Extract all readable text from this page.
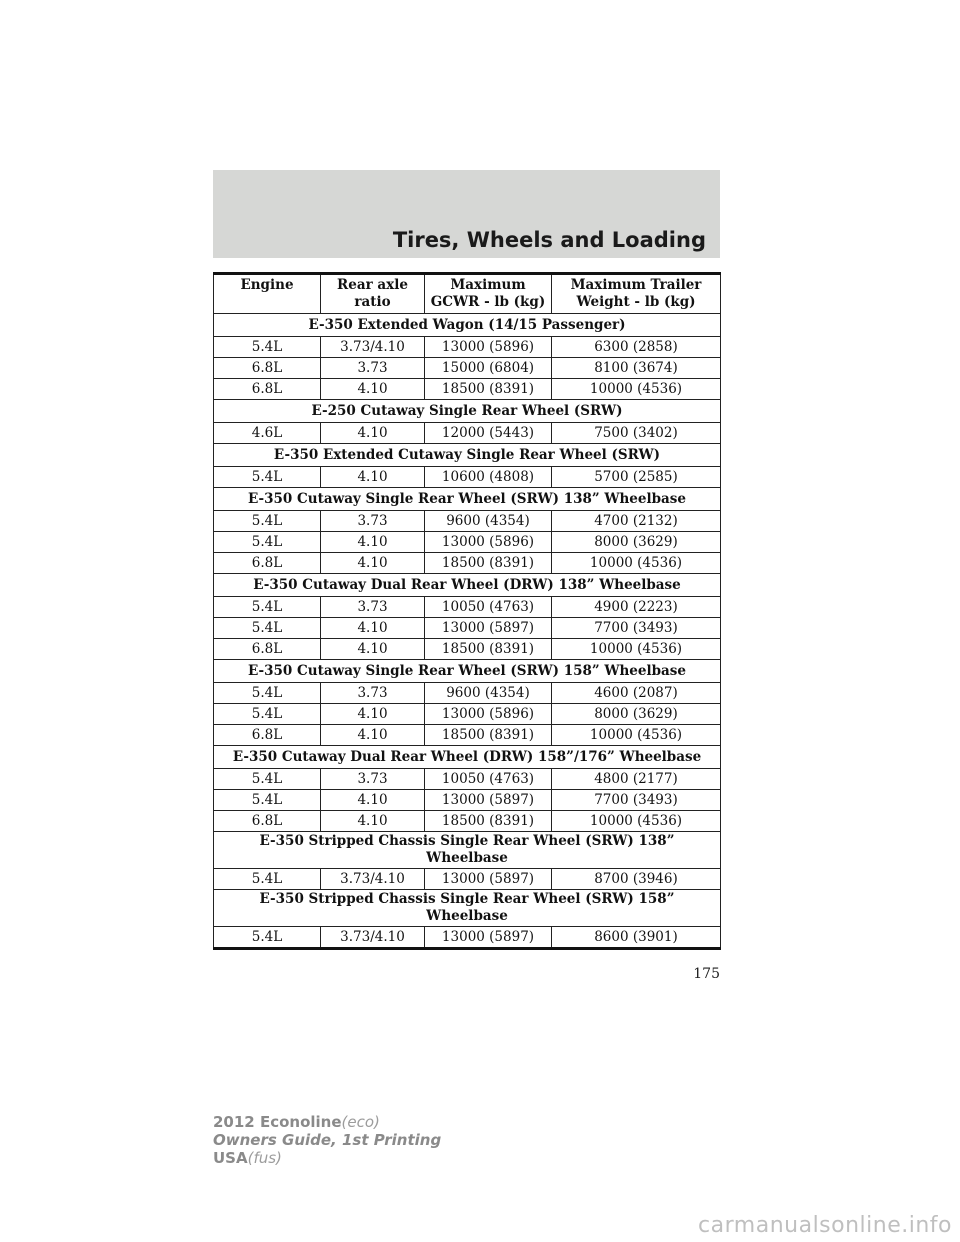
Tires, Wheels and Loading
Engine	Rear axle ratio	Maximum GCWR - lb (kg)	Maximum Trailer Weight - lb (kg)
E-350 Extended Wagon (14/15 Passenger)			
5.4L	3.73/4.10	13000 (5896)	6300 (2858)
6.8L	3.73	15000 (6804)	8100 (3674)
6.8L	4.10	18500 (8391)	10000 (4536)
E-250 Cutaway Single Rear Wheel (SRW)			
4.6L	4.10	12000 (5443)	7500 (3402)
E-350 Extended Cutaway Single Rear Wheel (SRW)			
5.4L	4.10	10600 (4808)	5700 (2585)
E-350 Cutaway Single Rear Wheel (SRW) 138” Wheelbase			
5.4L	3.73	9600 (4354)	4700 (2132)
5.4L	4.10	13000 (5896)	8000 (3629)
6.8L	4.10	18500 (8391)	10000 (4536)
E-350 Cutaway Dual Rear Wheel (DRW) 138” Wheelbase			
5.4L	3.73	10050 (4763)	4900 (2223)
5.4L	4.10	13000 (5897)	7700 (3493)
6.8L	4.10	18500 (8391)	10000 (4536)
E-350 Cutaway Single Rear Wheel (SRW) 158” Wheelbase			
5.4L	3.73	9600 (4354)	4600 (2087)
5.4L	4.10	13000 (5896)	8000 (3629)
6.8L	4.10	18500 (8391)	10000 (4536)
E-350 Cutaway Dual Rear Wheel (DRW) 158”/176” Wheelbase			
5.4L	3.73	10050 (4763)	4800 (2177)
5.4L	4.10	13000 (5897)	7700 (3493)
6.8L	4.10	18500 (8391)	10000 (4536)
E-350 Stripped Chassis Single Rear Wheel (SRW) 138” Wheelbase			
5.4L	3.73/4.10	13000 (5897)	8700 (3946)
E-350 Stripped Chassis Single Rear Wheel (SRW) 158” Wheelbase			
5.4L	3.73/4.10	13000 (5897)	8600 (3901)
175
2012 Econoline(eco)
Owners Guide, 1st Printing
USA(fus)
carmanualsonline.info
